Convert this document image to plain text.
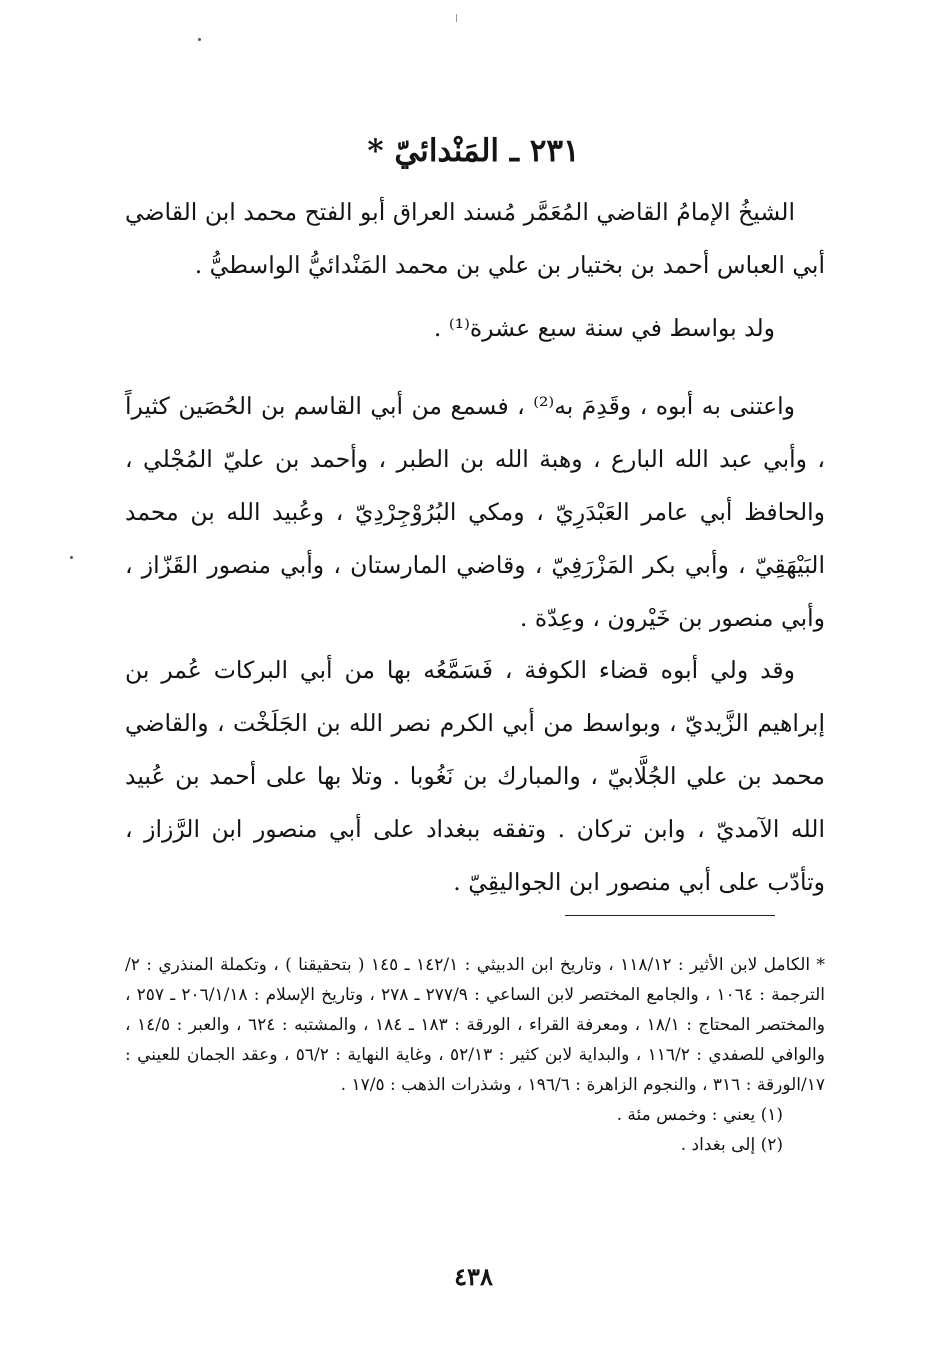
٢٣١ ـ المَنْدائيّ *

الشيخُ الإمامُ القاضي المُعَمَّر مُسند العراق أبو الفتح محمد ابن القاضي أبي العباس أحمد بن بختيار بن علي بن محمد المَنْدائيُّ الواسطيُّ .

ولد بواسط في سنة سبع عشرة⁽¹⁾ .
واعتنى به أبوه ، وقَدِمَ به⁽²⁾ ، فسمع من أبي القاسم بن الحُصَين كثيراً ، وأبي عبد الله البارع ، وهبة الله بن الطبر ، وأحمد بن عليّ المُجْلي ، والحافظ أبي عامر العَبْدَرِيّ ، ومكي البُرُوْجِرْدِيّ ، وعُبيد الله بن محمد البَيْهَقِيّ ، وأبي بكر المَزْرَفِيّ ، وقاضي المارستان ، وأبي منصور القَزّاز ، وأبي منصور بن خَيْرون ، وعِدّة .
وقد ولي أبوه قضاء الكوفة ، فَسَمَّعُه بها من أبي البركات عُمر بن إبراهيم الزَّيديّ ، وبواسط من أبي الكرم نصر الله بن الجَلَخْت ، والقاضي محمد بن علي الجُلَّابيّ ، والمبارك بن نَغُوبا . وتلا بها على أحمد بن عُبيد الله الآمديّ ، وابن تركان . وتفقه ببغداد على أبي منصور ابن الرَّزاز ، وتأدّب على أبي منصور ابن الجواليقِيّ .

* الكامل لابن الأثير : ١١٨/١٢ ، وتاريخ ابن الدبيثي : ١٤٢/١ ـ ١٤٥ ( بتحقيقنا ) ، وتكملة المنذري : ٢/الترجمة : ١٠٦٤ ، والجامع المختصر لابن الساعي : ٢٧٧/٩ ـ ٢٧٨ ، وتاريخ الإسلام : ٢٠٦/١/١٨ ـ ٢٥٧ ، والمختصر المحتاج : ١٨/١ ، ومعرفة القراء ، الورقة : ١٨٣ ـ ١٨٤ ، والمشتبه : ٦٢٤ ، والعبر : ١٤/٥ ، والوافي للصفدي : ١١٦/٢ ، والبداية لابن كثير : ٥٢/١٣ ، وغاية النهاية : ٥٦/٢ ، وعقد الجمان للعيني : ١٧/الورقة : ٣١٦ ، والنجوم الزاهرة : ١٩٦/٦ ، وشذرات الذهب : ١٧/٥ .

(١) يعني : وخمس مئة .

(٢) إلى بغداد .

٤٣٨
